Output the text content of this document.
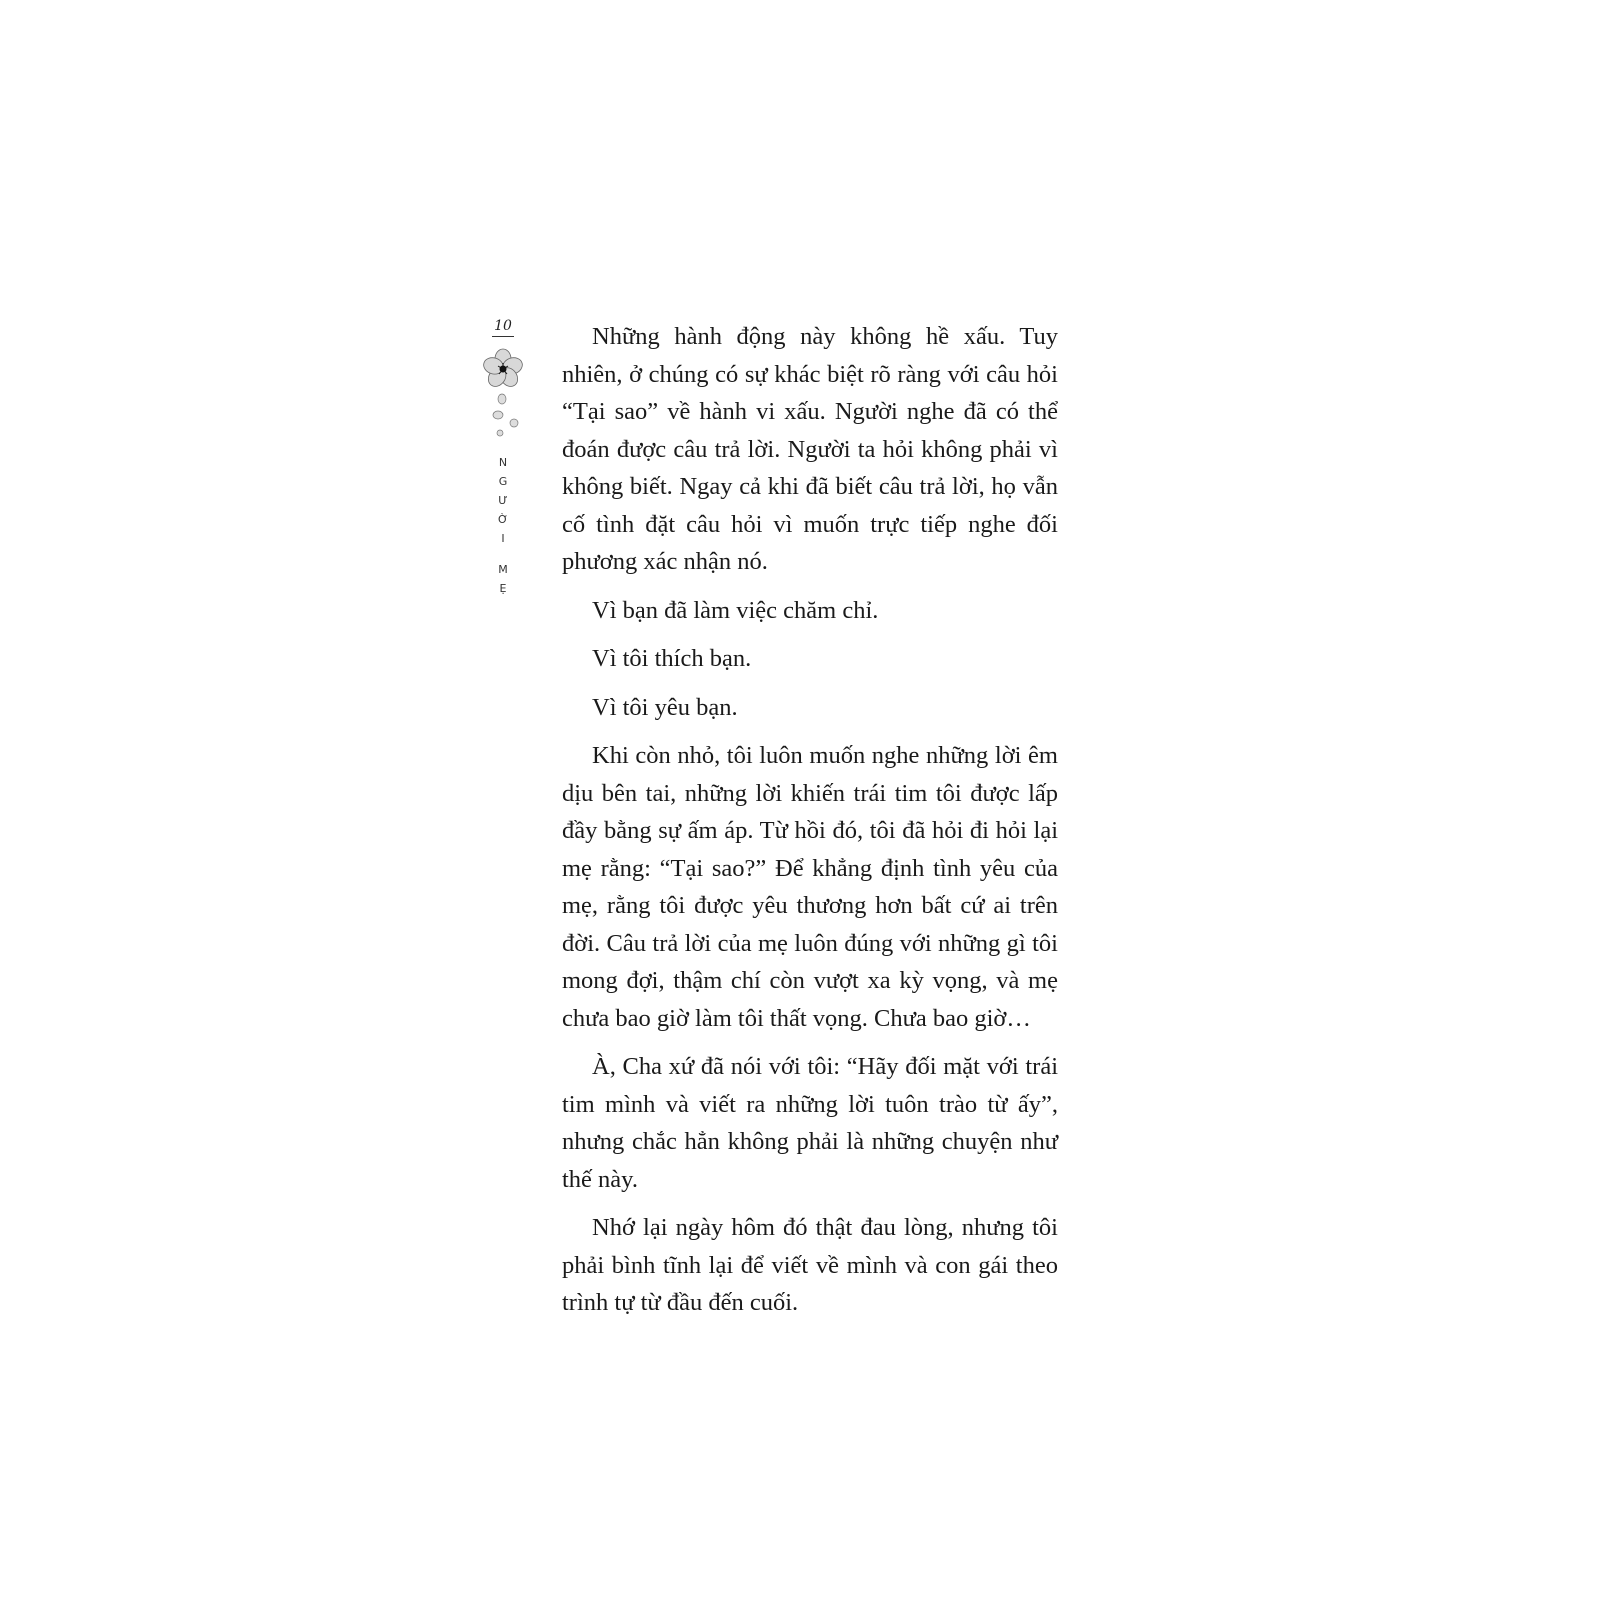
10
N
G
Ư
Ờ
I
M
Ẹ

Những hành động này không hề xấu. Tuy nhiên, ở chúng có sự khác biệt rõ ràng với câu hỏi “Tại sao” về hành vi xấu. Người nghe đã có thể đoán được câu trả lời. Người ta hỏi không phải vì không biết. Ngay cả khi đã biết câu trả lời, họ vẫn cố tình đặt câu hỏi vì muốn trực tiếp nghe đối phương xác nhận nó.

Vì bạn đã làm việc chăm chỉ.

Vì tôi thích bạn.

Vì tôi yêu bạn.

Khi còn nhỏ, tôi luôn muốn nghe những lời êm dịu bên tai, những lời khiến trái tim tôi được lấp đầy bằng sự ấm áp. Từ hồi đó, tôi đã hỏi đi hỏi lại mẹ rằng: “Tại sao?” Để khẳng định tình yêu của mẹ, rằng tôi được yêu thương hơn bất cứ ai trên đời. Câu trả lời của mẹ luôn đúng với những gì tôi mong đợi, thậm chí còn vượt xa kỳ vọng, và mẹ chưa bao giờ làm tôi thất vọng. Chưa bao giờ…

À, Cha xứ đã nói với tôi: “Hãy đối mặt với trái tim mình và viết ra những lời tuôn trào từ ấy”, nhưng chắc hẳn không phải là những chuyện như thế này.

Nhớ lại ngày hôm đó thật đau lòng, nhưng tôi phải bình tĩnh lại để viết về mình và con gái theo trình tự từ đầu đến cuối.
